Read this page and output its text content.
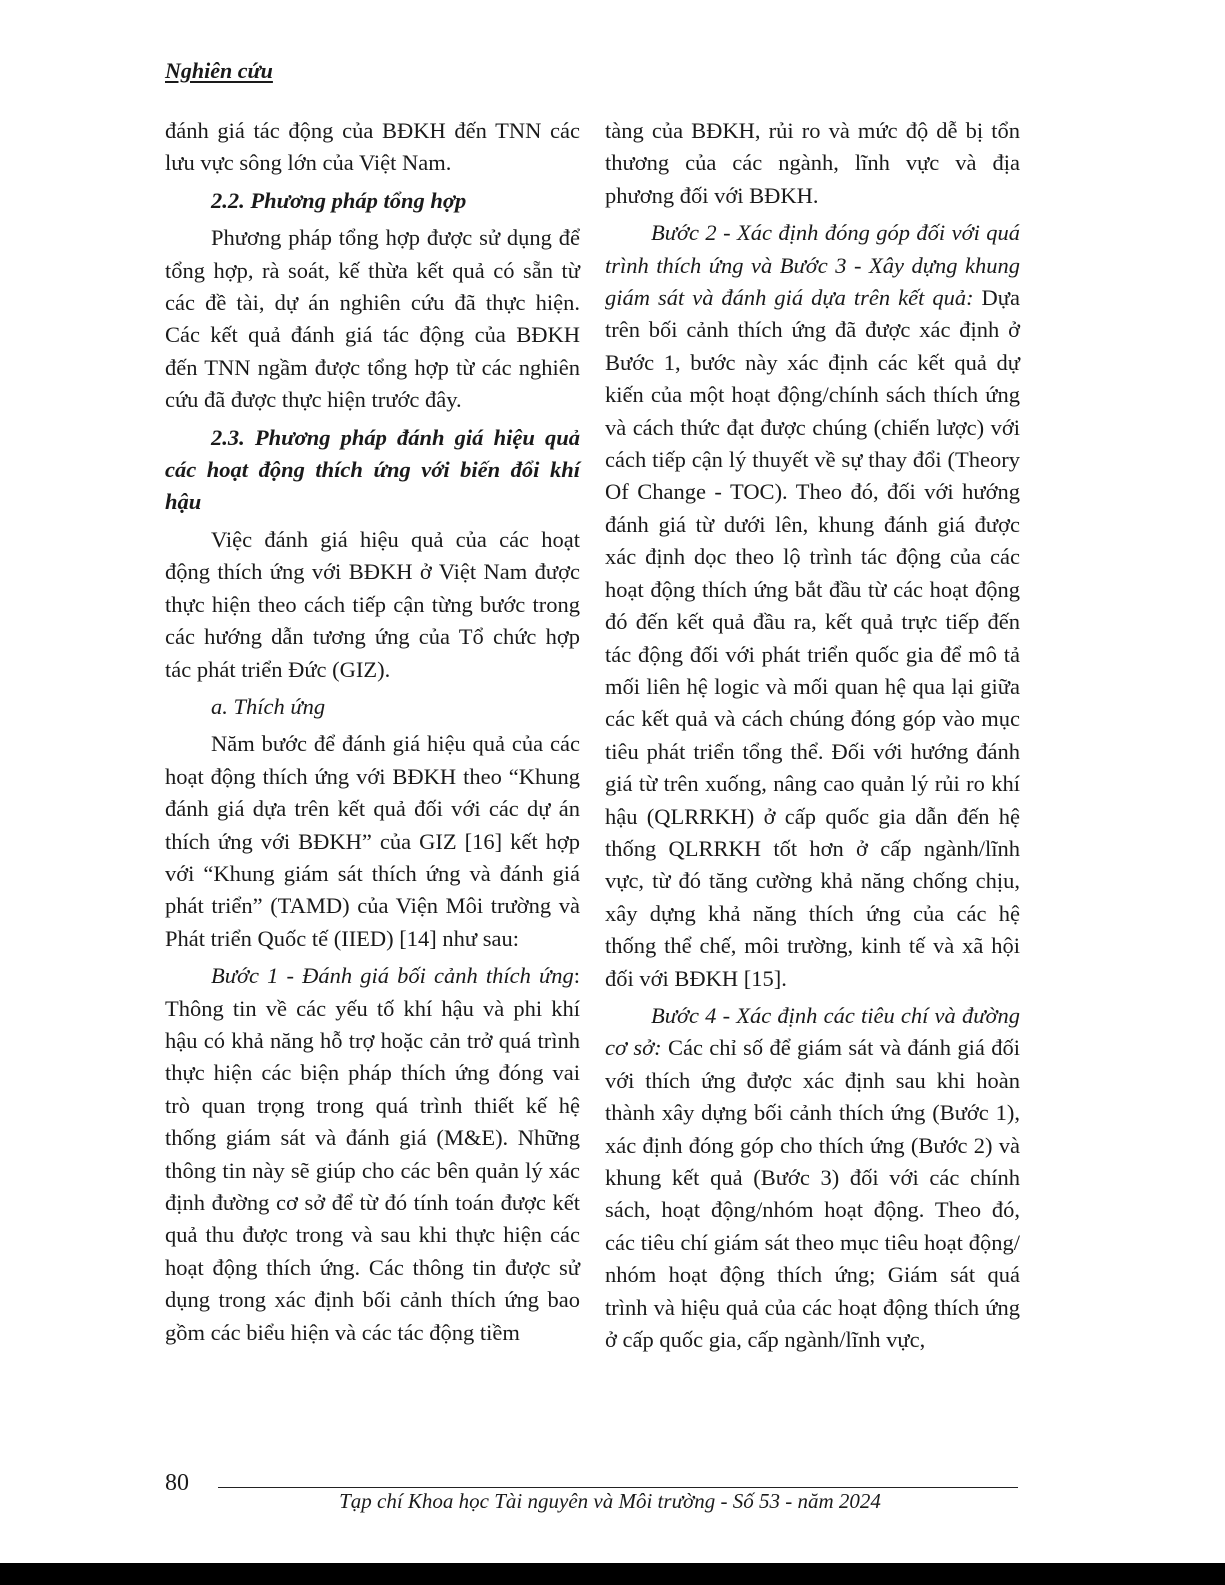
Nghiên cứu

đánh giá tác động của BĐKH đến TNN các lưu vực sông lớn của Việt Nam.

2.2. Phương pháp tổng hợp

Phương pháp tổng hợp được sử dụng để tổng hợp, rà soát, kế thừa kết quả có sẵn từ các đề tài, dự án nghiên cứu đã thực hiện. Các kết quả đánh giá tác động của BĐKH đến TNN ngầm được tổng hợp từ các nghiên cứu đã được thực hiện trước đây.

2.3. Phương pháp đánh giá hiệu quả các hoạt động thích ứng với biến đổi khí hậu

Việc đánh giá hiệu quả của các hoạt động thích ứng với BĐKH ở Việt Nam được thực hiện theo cách tiếp cận từng bước trong các hướng dẫn tương ứng của Tổ chức hợp tác phát triển Đức (GIZ).

a. Thích ứng

Năm bước để đánh giá hiệu quả của các hoạt động thích ứng với BĐKH theo “Khung đánh giá dựa trên kết quả đối với các dự án thích ứng với BĐKH” của GIZ [16] kết hợp với “Khung giám sát thích ứng và đánh giá phát triển” (TAMD) của Viện Môi trường và Phát triển Quốc tế (IIED) [14] như sau:

Bước 1 - Đánh giá bối cảnh thích ứng: Thông tin về các yếu tố khí hậu và phi khí hậu có khả năng hỗ trợ hoặc cản trở quá trình thực hiện các biện pháp thích ứng đóng vai trò quan trọng trong quá trình thiết kế hệ thống giám sát và đánh giá (M&E). Những thông tin này sẽ giúp cho các bên quản lý xác định đường cơ sở để từ đó tính toán được kết quả thu được trong và sau khi thực hiện các hoạt động thích ứng. Các thông tin được sử dụng trong xác định bối cảnh thích ứng bao gồm các biểu hiện và các tác động tiềm

tàng của BĐKH, rủi ro và mức độ dễ bị tổn thương của các ngành, lĩnh vực và địa phương đối với BĐKH.

Bước 2 - Xác định đóng góp đối với quá trình thích ứng và Bước 3 - Xây dựng khung giám sát và đánh giá dựa trên kết quả: Dựa trên bối cảnh thích ứng đã được xác định ở Bước 1, bước này xác định các kết quả dự kiến của một hoạt động/chính sách thích ứng và cách thức đạt được chúng (chiến lược) với cách tiếp cận lý thuyết về sự thay đổi (Theory Of Change - TOC). Theo đó, đối với hướng đánh giá từ dưới lên, khung đánh giá được xác định dọc theo lộ trình tác động của các hoạt động thích ứng bắt đầu từ các hoạt động đó đến kết quả đầu ra, kết quả trực tiếp đến tác động đối với phát triển quốc gia để mô tả mối liên hệ logic và mối quan hệ qua lại giữa các kết quả và cách chúng đóng góp vào mục tiêu phát triển tổng thể. Đối với hướng đánh giá từ trên xuống, nâng cao quản lý rủi ro khí hậu (QLRRKH) ở cấp quốc gia dẫn đến hệ thống QLRRKH tốt hơn ở cấp ngành/lĩnh vực, từ đó tăng cường khả năng chống chịu, xây dựng khả năng thích ứng của các hệ thống thể chế, môi trường, kinh tế và xã hội đối với BĐKH [15].

Bước 4 - Xác định các tiêu chí và đường cơ sở: Các chỉ số để giám sát và đánh giá đối với thích ứng được xác định sau khi hoàn thành xây dựng bối cảnh thích ứng (Bước 1), xác định đóng góp cho thích ứng (Bước 2) và khung kết quả (Bước 3) đối với các chính sách, hoạt động/nhóm hoạt động. Theo đó, các tiêu chí giám sát theo mục tiêu hoạt động/ nhóm hoạt động thích ứng; Giám sát quá trình và hiệu quả của các hoạt động thích ứng ở cấp quốc gia, cấp ngành/lĩnh vực,

80
Tạp chí Khoa học Tài nguyên và Môi trường - Số 53 - năm 2024
